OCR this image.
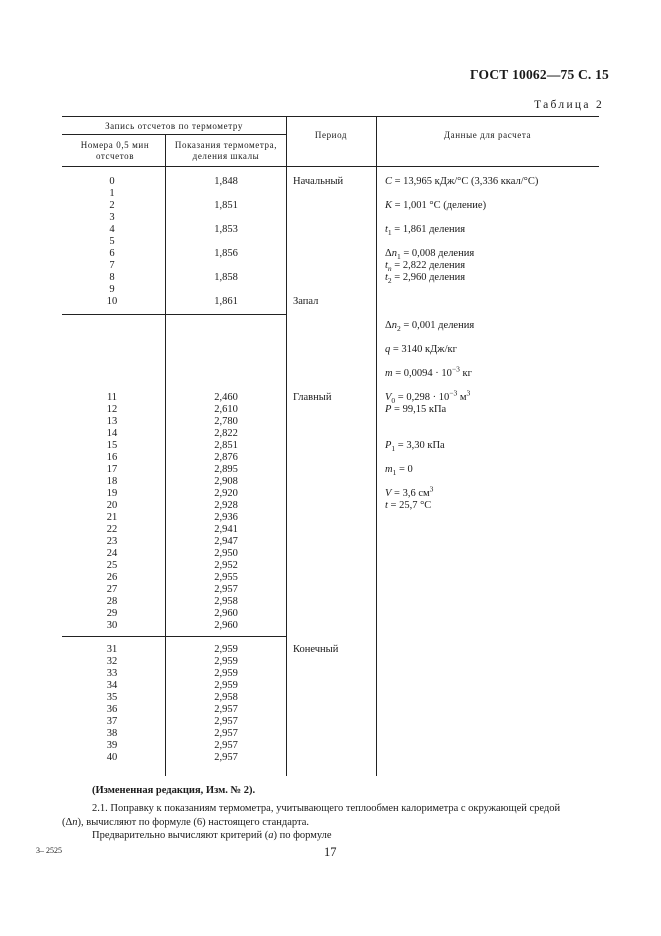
ГОСТ 10062—75 С. 15
Таблица 2
Запись отсчетов по термометру
Номера 0,5 мин отсчетов
Показания термометра, деления шкалы
Период	Данные для расчета
0
1
2
3
4
5
6
7
8
9
10
1,848
1,851
1,853
1,856
1,858
1,861
Начальный
Запал
C = 13,965 кДж/°С (3,336 ккал/°С)
K = 1,001 °С (деление)
$t_1 = 1,861$ деления
$\Delta n_1 = 0,008$ деления
$t_n = 2,822$ деления
$t_2 = 2,960$ деления
$\Delta n_2 = 0,001$ деления
q = 3140 кДж/кг
$m = 0,0094 \cdot 10^{-3}$ кг
$V_0 = 0,298 \cdot 10^{-3}$ $м^3$
P = 99,15 кПа
$P_1 = 3,30$ кПа
$m_1 = 0$
V = 3,6 $см^3$
t = 25,7 °С
11
12
13
14
15
16
17
18
19
20
21
22
23
24
25
26
27
28
29
30
2,460
2,610
2,780
2,822
2,851
2,876
2,895
2,908
2,920
2,928
2,936
2,941
2,947
2,950
2,952
2,955
2,957
2,958
2,960
2,960
Главный
31
32
33
34
35
36
37
38
39
40
2,959
2,959
2,959
2,959
2,958
2,957
2,957
2,957
2,957
2,957
Конечный
(Измененная редакция, Изм. № 2).
2.1. Поправку к показаниям термометра, учитывающего теплообмен калориметра с окружающей средой
(Δn), вычисляют по формуле (6) настоящего стандарта.
Предварительно вычисляют критерий (a) по формуле
3– 2525	17
